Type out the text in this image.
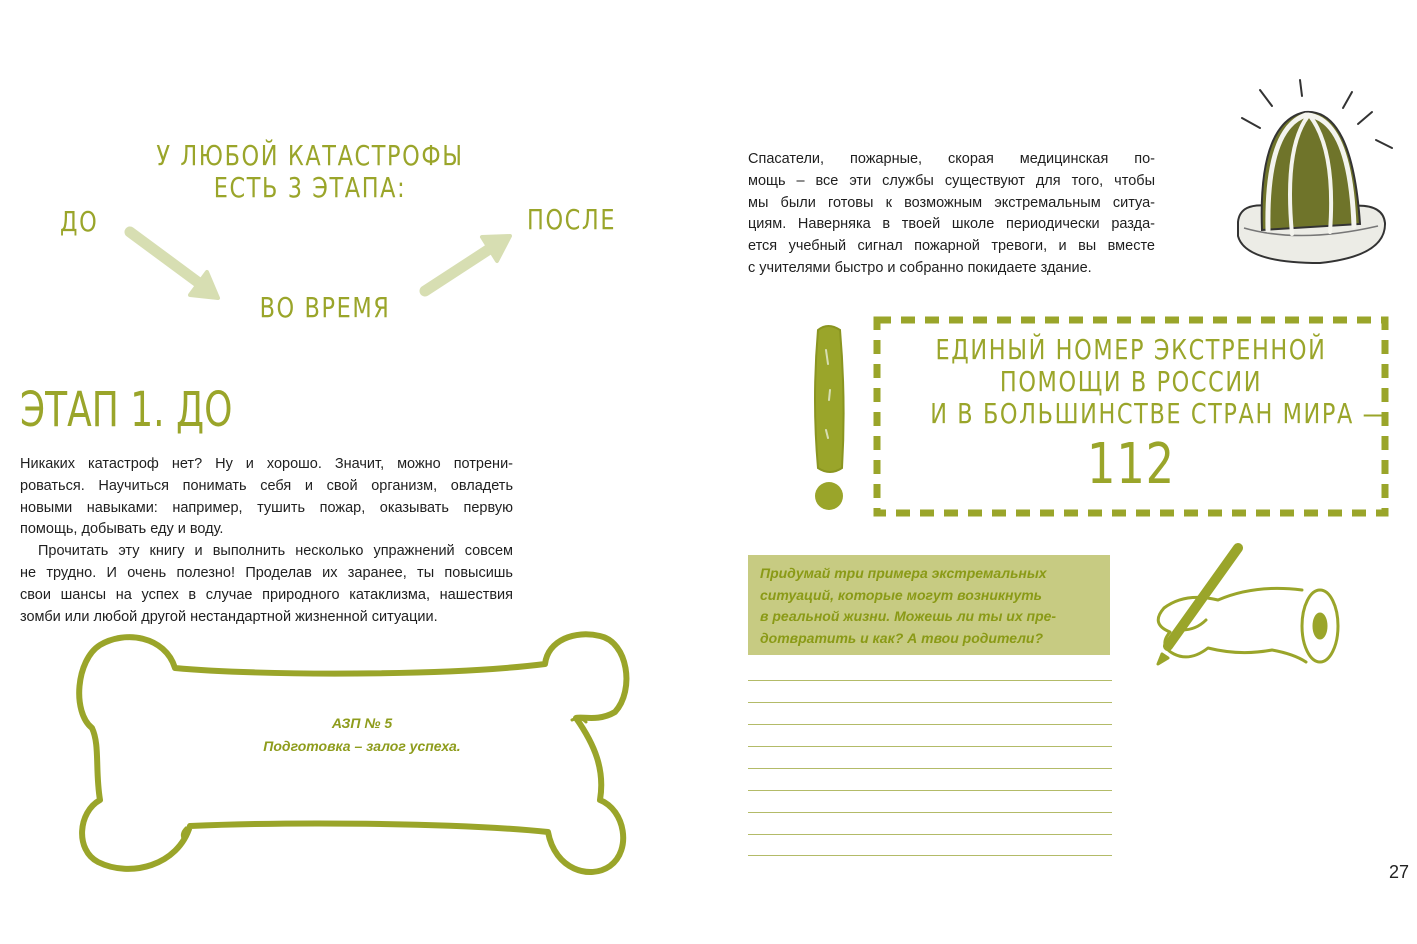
У ЛЮБОЙ КАТАСТРОФЫ
ЕСТЬ 3 ЭТАПА:
ДО
ВО ВРЕМЯ
ПОСЛЕ
ЭТАП 1. ДО
Никаких катастроф нет? Ну и хорошо. Значит, можно потрени-
роваться. Научиться понимать себя и свой организм, овладеть
новыми навыками: например, тушить пожар, оказывать первую
помощь, добывать еду и воду.
Прочитать эту книгу и выполнить несколько упражнений совсем
не трудно. И очень полезно! Проделав их заранее, ты повысишь
свои шансы на успех в случае природного катаклизма, нашествия
зомби или любой другой нестандартной жизненной ситуации.
АЗП № 5
Подготовка – залог успеха.
Спасатели, пожарные, скорая медицинская по-
мощь – все эти службы существуют для того, чтобы
мы были готовы к возможным экстремальным ситуа-
циям. Наверняка в твоей школе периодически разда-
ется учебный сигнал пожарной тревоги, и вы вместе
с учителями быстро и собранно покидаете здание.
ЕДИНЫЙ НОМЕР ЭКСТРЕННОЙ
ПОМОЩИ В РОССИИ
И В БОЛЬШИНСТВЕ СТРАН МИРА —
112
Придумай три примера экстремальных
ситуаций, которые могут возникнуть
в реальной жизни. Можешь ли ты их пре-
дотвратить и как? А твои родители?
27
